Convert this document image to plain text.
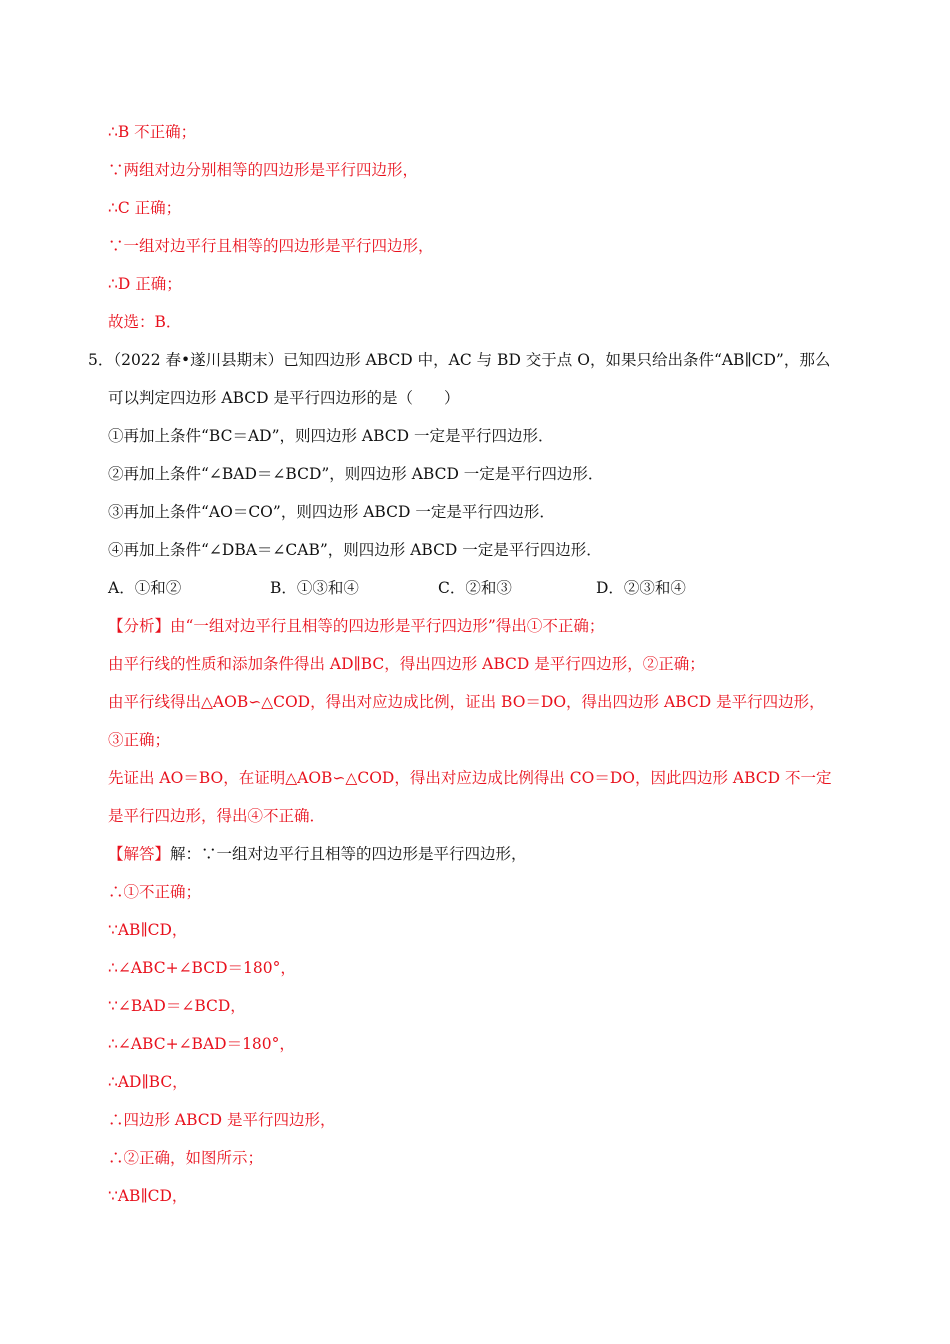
∴B 不正确；
∵两组对边分别相等的四边形是平行四边形，
∴C 正确；
∵一组对边平行且相等的四边形是平行四边形，
∴D 正确；
故选：B．
5．（2022 春•遂川县期末）已知四边形 ABCD 中，AC 与 BD 交于点 O，如果只给出条件“AB∥CD”，那么
可以判定四边形 ABCD 是平行四边形的是（　　）
①再加上条件“BC＝AD”，则四边形 ABCD 一定是平行四边形．
②再加上条件“∠BAD＝∠BCD”，则四边形 ABCD 一定是平行四边形．
③再加上条件“AO＝CO”，则四边形 ABCD 一定是平行四边形．
④再加上条件“∠DBA＝∠CAB”，则四边形 ABCD 一定是平行四边形．
A．①和②	B．①③和④	C．②和③	D．②③和④
【分析】由“一组对边平行且相等的四边形是平行四边形”得出①不正确；
由平行线的性质和添加条件得出 AD∥BC，得出四边形 ABCD 是平行四边形，②正确；
由平行线得出△AOB∽△COD，得出对应边成比例，证出 BO＝DO，得出四边形 ABCD 是平行四边形，
③正确；
先证出 AO＝BO，在证明△AOB∽△COD，得出对应边成比例得出 CO＝DO，因此四边形 ABCD 不一定
是平行四边形，得出④不正确．
【解答】解：∵一组对边平行且相等的四边形是平行四边形，
∴①不正确；
∵AB∥CD，
∴∠ABC+∠BCD＝180°，
∵∠BAD＝∠BCD，
∴∠ABC+∠BAD＝180°，
∴AD∥BC，
∴四边形 ABCD 是平行四边形，
∴②正确，如图所示；
∵AB∥CD，
